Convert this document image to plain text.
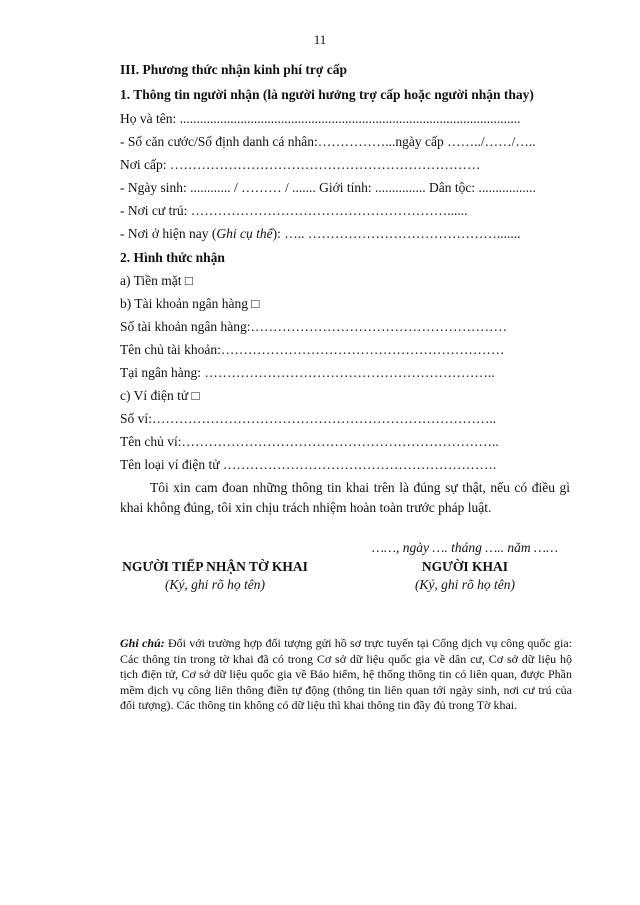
11
III. Phương thức nhận kinh phí trợ cấp
1. Thông tin người nhận (là người hưởng trợ cấp hoặc người nhận thay)
Họ và tên: .....................................................................................................
- Số căn cước/Số định danh cá nhân:……………...ngày cấp ……../……/…..
Nơi cấp: ……………………………………………………………
- Ngày sinh: ............ / ……… / ....... Giới tính: ............... Dân tộc: .................
- Nơi cư trú: …………………………………………………......
- Nơi ở hiện nay (Ghi cụ thể): ….. …………………………………….......
2. Hình thức nhận
a) Tiền mặt □
b) Tài khoản ngân hàng □
Số tài khoản ngân hàng:…………………………………………………
Tên chủ tài khoản:………………………………………………………
Tại ngân hàng: ………………………………………………………..
c) Ví điện tử □
Số ví:…………………………………………………………………..
Tên chủ ví:……………………………………………………………..
Tên loại ví điện tử …………………………………………………….
Tôi xin cam đoan những thông tin khai trên là đúng sự thật, nếu có điều gì khai không đúng, tôi xin chịu trách nhiệm hoàn toàn trước pháp luật.
……, ngày …. tháng ….. năm ……
NGƯỜI TIẾP NHẬN TỜ KHAI
(Ký, ghi rõ họ tên)
NGƯỜI KHAI
(Ký, ghi rõ họ tên)
Ghi chú: Đối với trường hợp đối tượng gửi hồ sơ trực tuyến tại Cổng dịch vụ công quốc gia: Các thông tin trong tờ khai đã có trong Cơ sở dữ liệu quốc gia về dân cư, Cơ sở dữ liệu hộ tịch điện tử, Cơ sở dữ liệu quốc gia về Bảo hiểm, hệ thống thông tin có liên quan, được Phần mềm dịch vụ công liên thông điền tự động (thông tin liên quan tới ngày sinh, nơi cư trú của đối tượng). Các thông tin không có dữ liệu thì khai thông tin đầy đủ trong Tờ khai.
